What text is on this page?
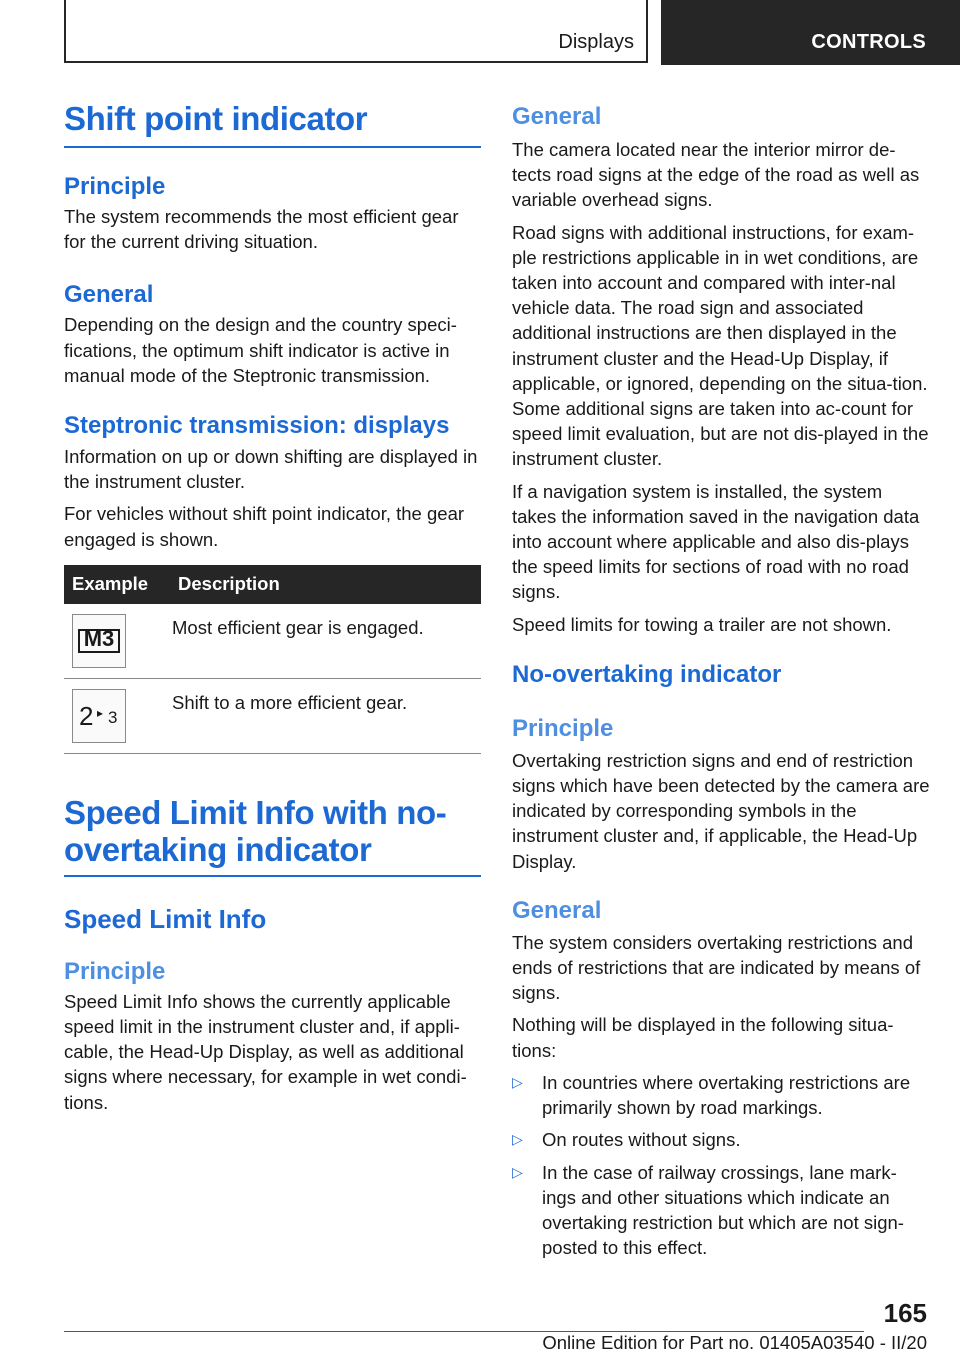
Displays	CONTROLS
Shift point indicator
Principle

The system recommends the most efficient gear for the current driving situation.

General

Depending on the design and the country speci-fications, the optimum shift indicator is active in manual mode of the Steptronic transmission.

Steptronic transmission: displays

Information on up or down shifting are displayed in the instrument cluster.

For vehicles without shift point indicator, the gear engaged is shown.

Example	Description

M3	Most efficient gear is engaged.

2 ▸ 3	Shift to a more efficient gear.
Speed Limit Info with no-overtaking indicator
Speed Limit Info
Principle

Speed Limit Info shows the currently applicable speed limit in the instrument cluster and, if appli-cable, the Head-Up Display, as well as additional signs where necessary, for example in wet condi-tions.

General

The camera located near the interior mirror de-tects road signs at the edge of the road as well as variable overhead signs.

Road signs with additional instructions, for exam-ple restrictions applicable in in wet conditions, are taken into account and compared with inter-nal vehicle data. The road sign and associated additional instructions are then displayed in the instrument cluster and the Head-Up Display, if applicable, or ignored, depending on the situa-tion. Some additional signs are taken into ac-count for speed limit evaluation, but are not dis-played in the instrument cluster.

If a navigation system is installed, the system takes the information saved in the navigation data into account where applicable and also dis-plays the speed limits for sections of road with no road signs.

Speed limits for towing a trailer are not shown.

No-overtaking indicator
Principle

Overtaking restriction signs and end of restriction signs which have been detected by the camera are indicated by corresponding symbols in the instrument cluster and, if applicable, the Head-Up Display.

General

The system considers overtaking restrictions and ends of restrictions that are indicated by means of signs.

Nothing will be displayed in the following situa-tions:

▷ In countries where overtaking restrictions are primarily shown by road markings.
▷ On routes without signs.
▷ In the case of railway crossings, lane mark-ings and other situations which indicate an overtaking restriction but which are not sign-posted to this effect.
165
Online Edition for Part no. 01405A03540 - II/20
